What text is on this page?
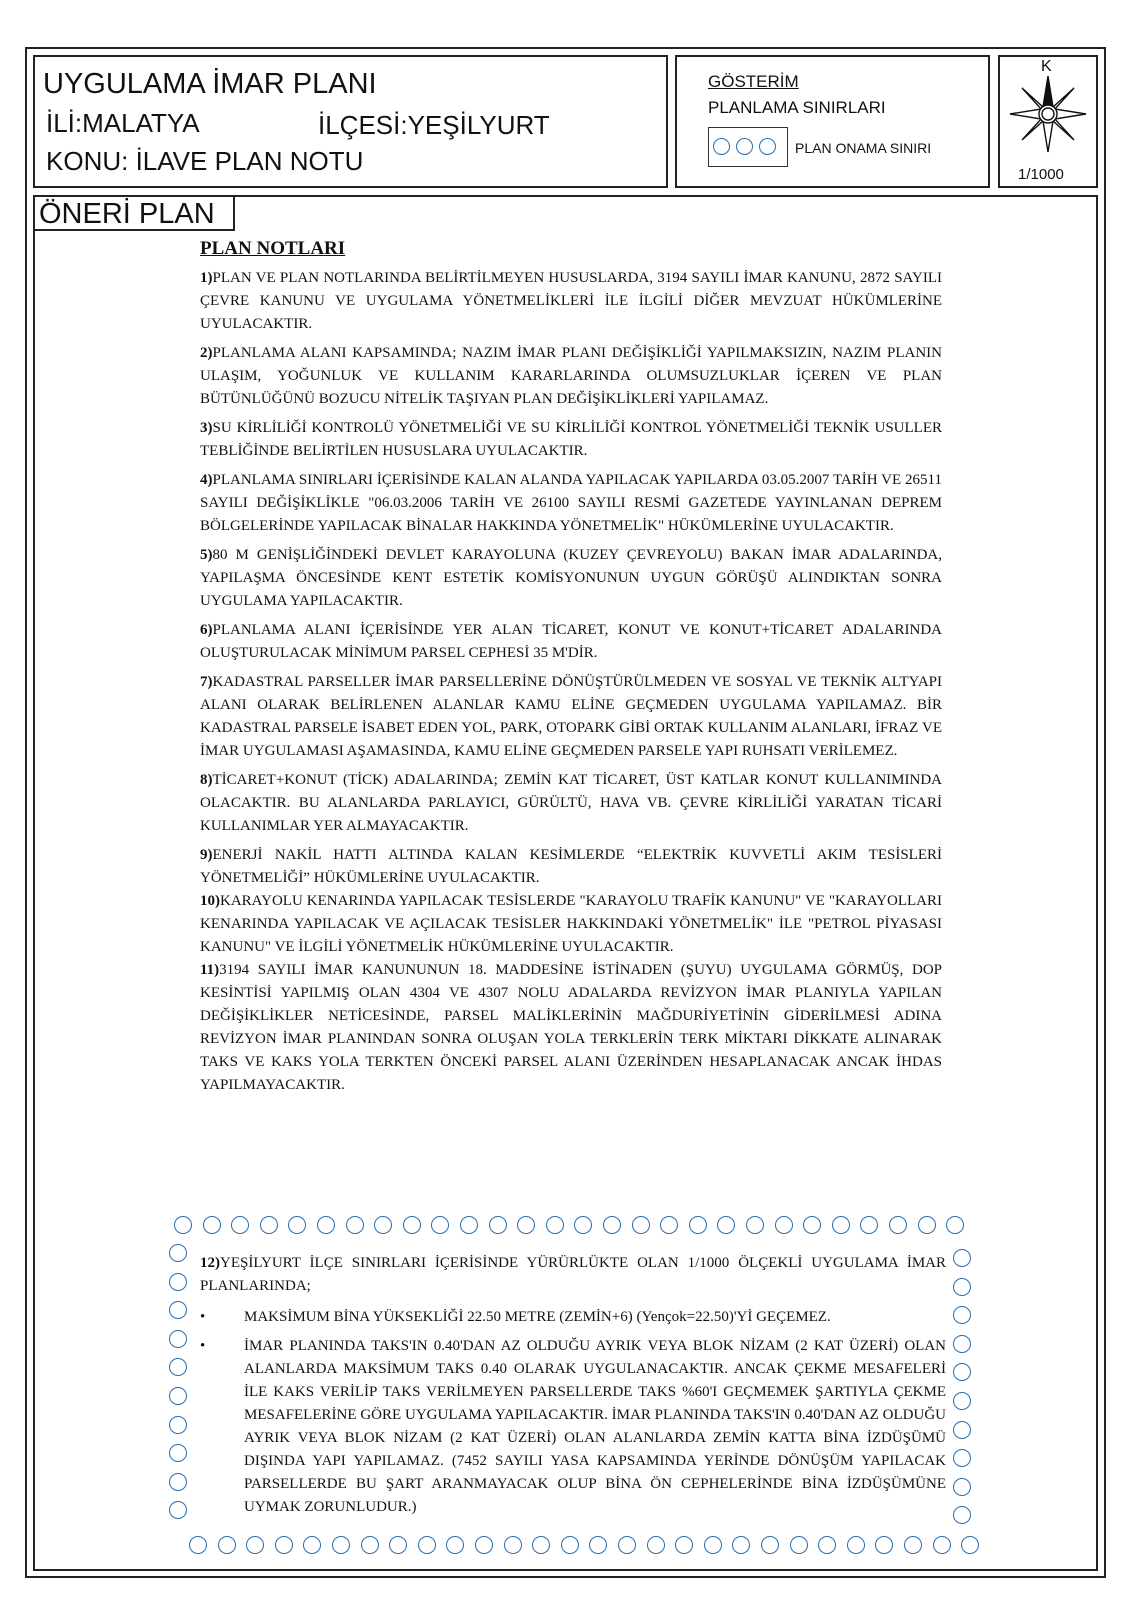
UYGULAMA İMAR PLANI
İLİ:MALATYA	İLÇESİ:YEŞİLYURT
KONU: İLAVE PLAN NOTU
GÖSTERİM
PLANLAMA SINIRLARI
PLAN ONAMA SINIRI
K
1/1000
ÖNERİ PLAN
PLAN NOTLARI

1)PLAN VE PLAN NOTLARINDA BELİRTİLMEYEN HUSUSLARDA, 3194 SAYILI İMAR KANUNU, 2872 SAYILI ÇEVRE KANUNU VE UYGULAMA YÖNETMELİKLERİ İLE İLGİLİ DİĞER MEVZUAT HÜKÜMLERİNE UYULACAKTIR.

2)PLANLAMA ALANI KAPSAMINDA; NAZIM İMAR PLANI DEĞİŞİKLİĞİ YAPILMAKSIZIN, NAZIM PLANIN ULAŞIM, YOĞUNLUK VE KULLANIM KARARLARINDA OLUMSUZLUKLAR İÇEREN VE PLAN BÜTÜNLÜĞÜNÜ BOZUCU NİTELİK TAŞIYAN PLAN DEĞİŞİKLİKLERİ YAPILAMAZ.

3)SU KİRLİLİĞİ KONTROLÜ YÖNETMELİĞİ VE SU KİRLİLİĞİ KONTROL YÖNETMELİĞİ TEKNİK USULLER TEBLİĞİNDE BELİRTİLEN HUSUSLARA UYULACAKTIR.

4)PLANLAMA SINIRLARI İÇERİSİNDE KALAN ALANDA YAPILACAK YAPILARDA 03.05.2007 TARİH VE 26511 SAYILI DEĞİŞİKLİKLE "06.03.2006 TARİH VE 26100 SAYILI RESMİ GAZETEDE YAYINLANAN DEPREM BÖLGELERİNDE YAPILACAK BİNALAR HAKKINDA YÖNETMELİK" HÜKÜMLERİNE UYULACAKTIR.

5)80 M GENİŞLİĞİNDEKİ DEVLET KARAYOLUNA (KUZEY ÇEVREYOLU) BAKAN İMAR ADALARINDA, YAPILAŞMA ÖNCESİNDE KENT ESTETİK KOMİSYONUNUN UYGUN GÖRÜŞÜ ALINDIKTAN SONRA UYGULAMA YAPILACAKTIR.

6)PLANLAMA ALANI İÇERİSİNDE YER ALAN TİCARET, KONUT VE KONUT+TİCARET ADALARINDA OLUŞTURULACAK MİNİMUM PARSEL CEPHESİ 35 M'DİR.

7)KADASTRAL PARSELLER İMAR PARSELLERİNE DÖNÜŞTÜRÜLMEDEN VE SOSYAL VE TEKNİK ALTYAPI ALANI OLARAK BELİRLENEN ALANLAR KAMU ELİNE GEÇMEDEN UYGULAMA YAPILAMAZ. BİR KADASTRAL PARSELE İSABET EDEN YOL, PARK, OTOPARK GİBİ ORTAK KULLANIM ALANLARI, İFRAZ VE İMAR UYGULAMASI AŞAMASINDA, KAMU ELİNE GEÇMEDEN PARSELE YAPI RUHSATI VERİLEMEZ.

8)TİCARET+KONUT (TİCK) ADALARINDA; ZEMİN KAT TİCARET, ÜST KATLAR KONUT KULLANIMINDA OLACAKTIR. BU ALANLARDA PARLAYICI, GÜRÜLTÜ, HAVA VB. ÇEVRE KİRLİLİĞİ YARATAN TİCARİ KULLANIMLAR YER ALMAYACAKTIR.

9)ENERJİ NAKİL HATTI ALTINDA KALAN KESİMLERDE “ELEKTRİK KUVVETLİ AKIM TESİSLERİ YÖNETMELİĞİ” HÜKÜMLERİNE UYULACAKTIR.

10)KARAYOLU KENARINDA YAPILACAK TESİSLERDE "KARAYOLU TRAFİK KANUNU" VE "KARAYOLLARI KENARINDA YAPILACAK VE AÇILACAK TESİSLER HAKKINDAKİ YÖNETMELİK" İLE "PETROL PİYASASI KANUNU" VE İLGİLİ YÖNETMELİK HÜKÜMLERİNE UYULACAKTIR.

11)3194 SAYILI İMAR KANUNUNUN 18. MADDESİNE İSTİNADEN (ŞUYU) UYGULAMA GÖRMÜŞ, DOP KESİNTİSİ YAPILMIŞ OLAN 4304 VE 4307 NOLU ADALARDA REVİZYON İMAR PLANIYLA YAPILAN DEĞİŞİKLİKLER NETİCESİNDE, PARSEL MALİKLERİNİN MAĞDURİYETİNİN GİDERİLMESİ ADINA REVİZYON İMAR PLANINDAN SONRA OLUŞAN YOLA TERKLERİN TERK MİKTARI DİKKATE ALINARAK TAKS VE KAKS YOLA TERKTEN ÖNCEKİ PARSEL ALANI ÜZERİNDEN HESAPLANACAK ANCAK İHDAS YAPILMAYACAKTIR.

12)YEŞİLYURT İLÇE SINIRLARI İÇERİSİNDE YÜRÜRLÜKTE OLAN 1/1000 ÖLÇEKLİ UYGULAMA İMAR PLANLARINDA;

•	MAKSİMUM BİNA YÜKSEKLİĞİ 22.50 METRE (ZEMİN+6) (Yençok=22.50)'Yİ GEÇEMEZ.
•	İMAR PLANINDA TAKS'IN 0.40'DAN AZ OLDUĞU AYRIK VEYA BLOK NİZAM (2 KAT ÜZERİ) OLAN ALANLARDA MAKSİMUM TAKS 0.40 OLARAK UYGULANACAKTIR. ANCAK ÇEKME MESAFELERİ İLE KAKS VERİLİP TAKS VERİLMEYEN PARSELLERDE TAKS %60'I GEÇMEMEK ŞARTIYLA ÇEKME MESAFELERİNE GÖRE UYGULAMA YAPILACAKTIR. İMAR PLANINDA TAKS'IN 0.40'DAN AZ OLDUĞU AYRIK VEYA BLOK NİZAM (2 KAT ÜZERİ) OLAN ALANLARDA ZEMİN KATTA BİNA İZDÜŞÜMÜ DIŞINDA YAPI YAPILAMAZ. (7452 SAYILI YASA KAPSAMINDA YERİNDE DÖNÜŞÜM YAPILACAK PARSELLERDE BU ŞART ARANMAYACAK OLUP BİNA ÖN CEPHELERİNDE BİNA İZDÜŞÜMÜNE UYMAK ZORUNLUDUR.)
